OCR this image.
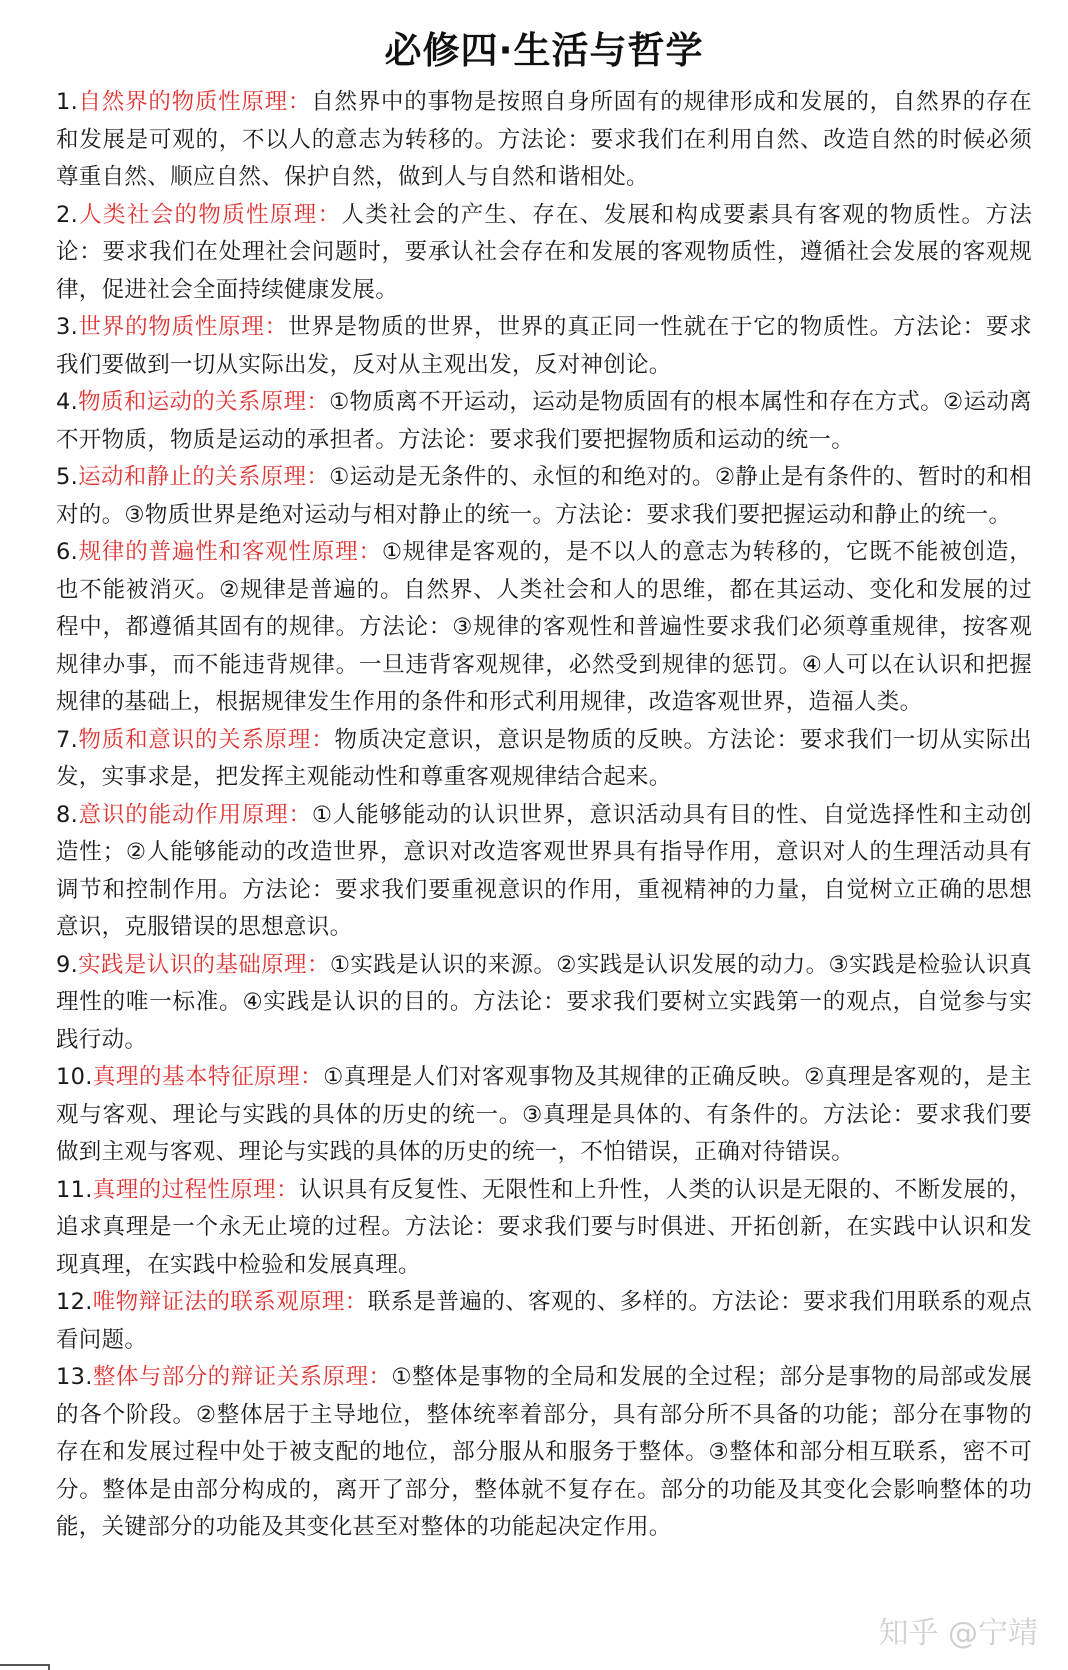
必修四·生活与哲学

1.自然界的物质性原理：自然界中的事物是按照自身所固有的规律形成和发展的，自然界的存在和发展是可观的，不以人的意志为转移的。方法论：要求我们在利用自然、改造自然的时候必须尊重自然、顺应自然、保护自然，做到人与自然和谐相处。

2.人类社会的物质性原理：人类社会的产生、存在、发展和构成要素具有客观的物质性。方法论：要求我们在处理社会问题时，要承认社会存在和发展的客观物质性，遵循社会发展的客观规律，促进社会全面持续健康发展。

3.世界的物质性原理：世界是物质的世界，世界的真正同一性就在于它的物质性。方法论：要求我们要做到一切从实际出发，反对从主观出发，反对神创论。

4.物质和运动的关系原理：①物质离不开运动，运动是物质固有的根本属性和存在方式。②运动离不开物质，物质是运动的承担者。方法论：要求我们要把握物质和运动的统一。

5.运动和静止的关系原理：①运动是无条件的、永恒的和绝对的。②静止是有条件的、暂时的和相对的。③物质世界是绝对运动与相对静止的统一。方法论：要求我们要把握运动和静止的统一。

6.规律的普遍性和客观性原理：①规律是客观的，是不以人的意志为转移的，它既不能被创造，也不能被消灭。②规律是普遍的。自然界、人类社会和人的思维，都在其运动、变化和发展的过程中，都遵循其固有的规律。方法论：③规律的客观性和普遍性要求我们必须尊重规律，按客观规律办事，而不能违背规律。一旦违背客观规律，必然受到规律的惩罚。④人可以在认识和把握规律的基础上，根据规律发生作用的条件和形式利用规律，改造客观世界，造福人类。

7.物质和意识的关系原理：物质决定意识，意识是物质的反映。方法论：要求我们一切从实际出发，实事求是，把发挥主观能动性和尊重客观规律结合起来。

8.意识的能动作用原理：①人能够能动的认识世界，意识活动具有目的性、自觉选择性和主动创造性；②人能够能动的改造世界，意识对改造客观世界具有指导作用，意识对人的生理活动具有调节和控制作用。方法论：要求我们要重视意识的作用，重视精神的力量，自觉树立正确的思想意识，克服错误的思想意识。

9.实践是认识的基础原理：①实践是认识的来源。②实践是认识发展的动力。③实践是检验认识真理性的唯一标准。④实践是认识的目的。方法论：要求我们要树立实践第一的观点，自觉参与实践行动。

10.真理的基本特征原理：①真理是人们对客观事物及其规律的正确反映。②真理是客观的，是主观与客观、理论与实践的具体的历史的统一。③真理是具体的、有条件的。方法论：要求我们要做到主观与客观、理论与实践的具体的历史的统一，不怕错误，正确对待错误。

11.真理的过程性原理：认识具有反复性、无限性和上升性，人类的认识是无限的、不断发展的，追求真理是一个永无止境的过程。方法论：要求我们要与时俱进、开拓创新，在实践中认识和发现真理，在实践中检验和发展真理。

12.唯物辩证法的联系观原理：联系是普遍的、客观的、多样的。方法论：要求我们用联系的观点看问题。

13.整体与部分的辩证关系原理：①整体是事物的全局和发展的全过程；部分是事物的局部或发展的各个阶段。②整体居于主导地位，整体统率着部分，具有部分所不具备的功能；部分在事物的存在和发展过程中处于被支配的地位，部分服从和服务于整体。③整体和部分相互联系，密不可分。整体是由部分构成的，离开了部分，整体就不复存在。部分的功能及其变化会影响整体的功能，关键部分的功能及其变化甚至对整体的功能起决定作用。

知乎 @宁靖
